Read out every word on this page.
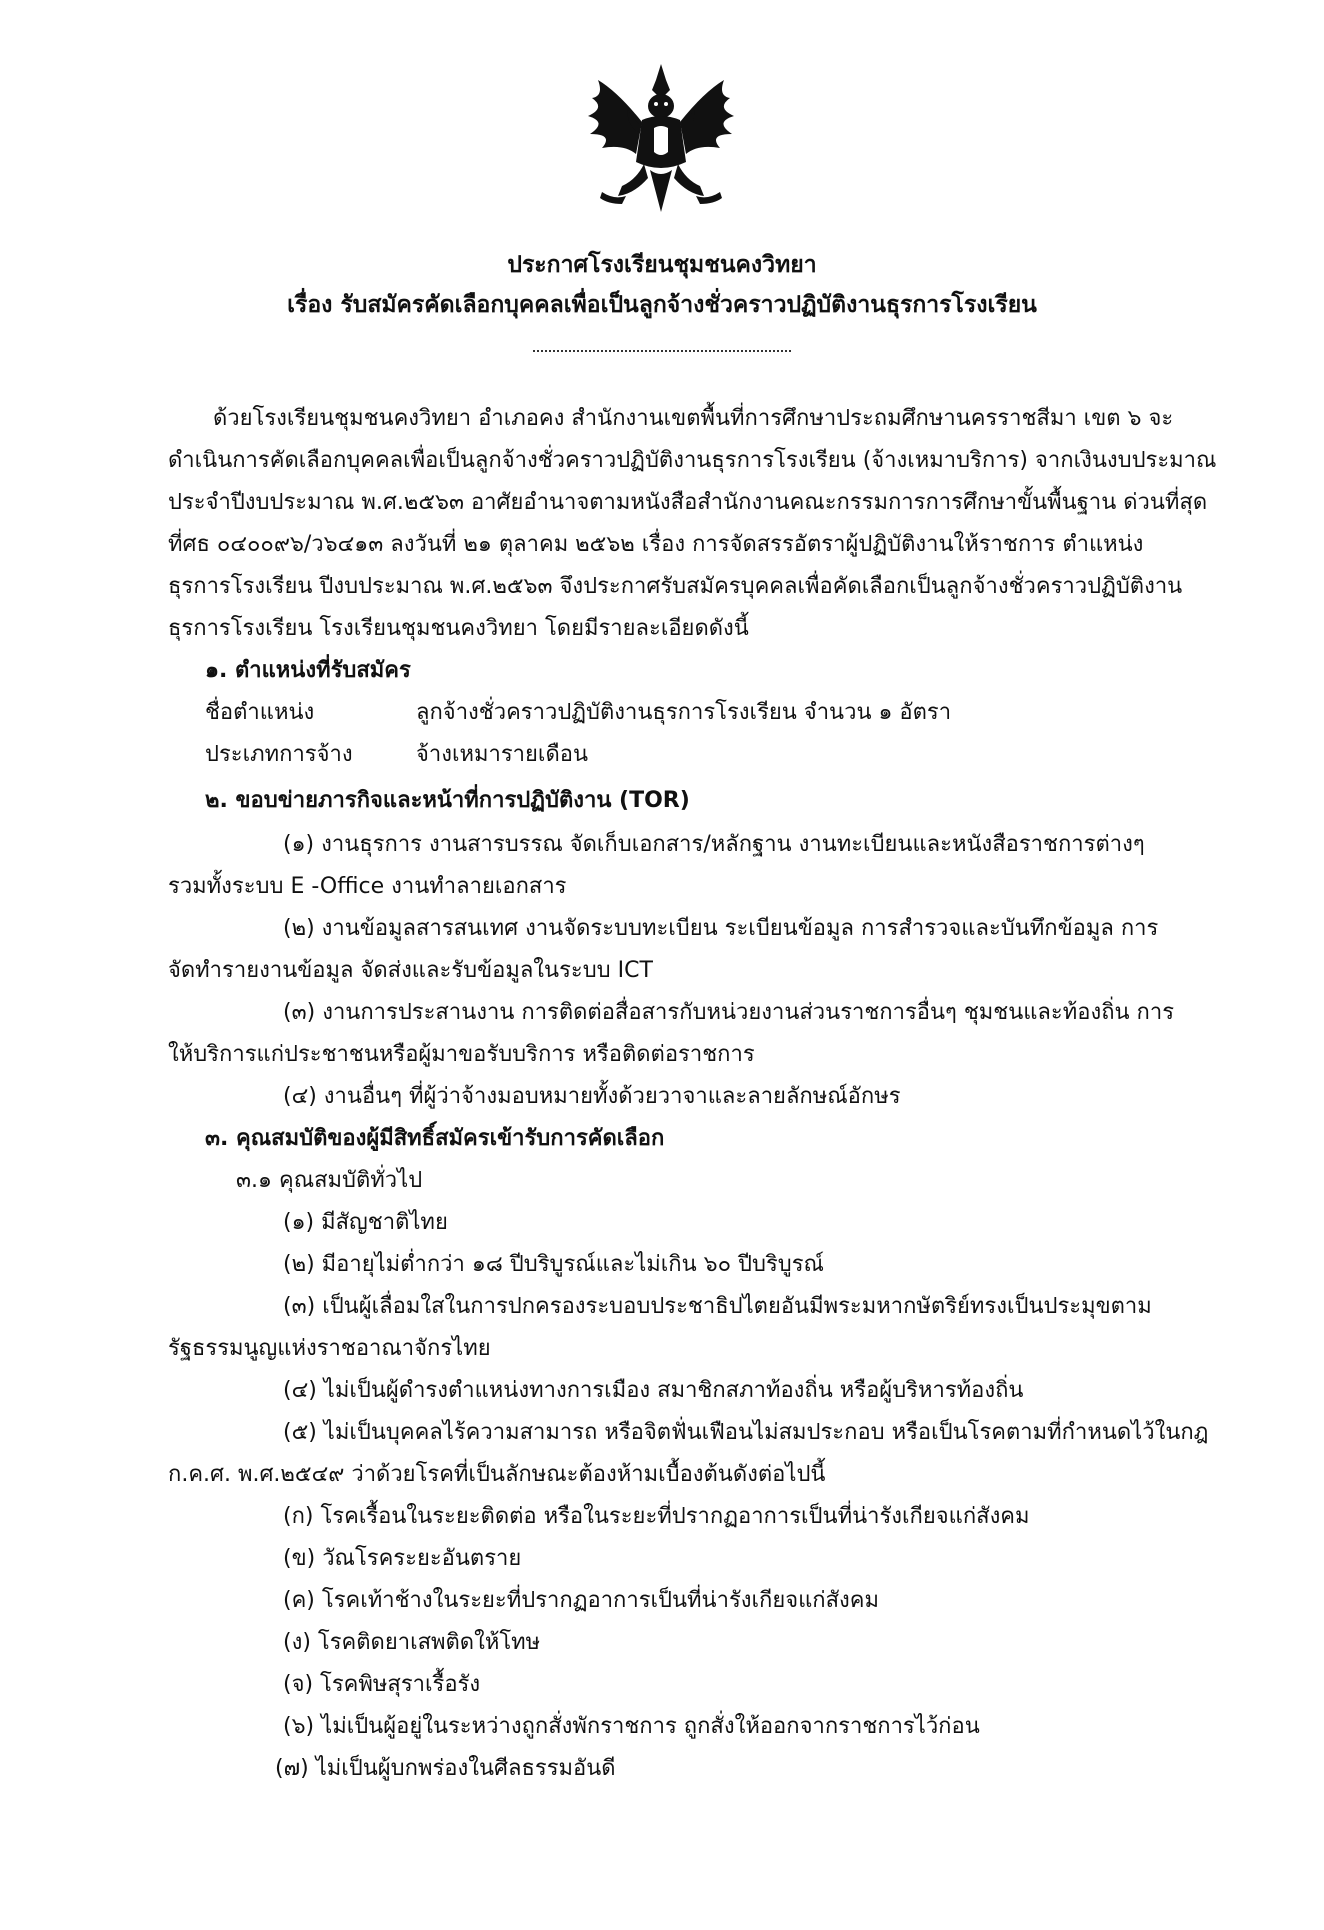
ประกาศโรงเรียนชุมชนคงวิทยา
เรื่อง รับสมัครคัดเลือกบุคคลเพื่อเป็นลูกจ้างชั่วคราวปฏิบัติงานธุรการโรงเรียน
ด้วยโรงเรียนชุมชนคงวิทยา อำเภอคง สำนักงานเขตพื้นที่การศึกษาประถมศึกษานครราชสีมา เขต ๖ จะ
ดำเนินการคัดเลือกบุคคลเพื่อเป็นลูกจ้างชั่วคราวปฏิบัติงานธุรการโรงเรียน (จ้างเหมาบริการ) จากเงินงบประมาณ
ประจำปีงบประมาณ พ.ศ.๒๕๖๓ อาศัยอำนาจตามหนังสือสำนักงานคณะกรรมการการศึกษาขั้นพื้นฐาน ด่วนที่สุด
ที่ศธ ๐๔๐๐๙๖/ว๖๔๑๓ ลงวันที่ ๒๑ ตุลาคม ๒๕๖๒ เรื่อง การจัดสรรอัตราผู้ปฏิบัติงานให้ราชการ ตำแหน่ง
ธุรการโรงเรียน ปีงบประมาณ พ.ศ.๒๕๖๓ จึงประกาศรับสมัครบุคคลเพื่อคัดเลือกเป็นลูกจ้างชั่วคราวปฏิบัติงาน
ธุรการโรงเรียน โรงเรียนชุมชนคงวิทยา โดยมีรายละเอียดดังนี้
๑. ตำแหน่งที่รับสมัคร
ชื่อตำแหน่ง	ลูกจ้างชั่วคราวปฏิบัติงานธุรการโรงเรียน จำนวน ๑ อัตรา
ประเภทการจ้าง	จ้างเหมารายเดือน
๒. ขอบข่ายภารกิจและหน้าที่การปฏิบัติงาน (TOR)
(๑) งานธุรการ งานสารบรรณ จัดเก็บเอกสาร/หลักฐาน งานทะเบียนและหนังสือราชการต่างๆ
รวมทั้งระบบ E -Office งานทำลายเอกสาร
(๒) งานข้อมูลสารสนเทศ งานจัดระบบทะเบียน ระเบียนข้อมูล การสำรวจและบันทึกข้อมูล การ
จัดทำรายงานข้อมูล จัดส่งและรับข้อมูลในระบบ ICT
(๓) งานการประสานงาน การติดต่อสื่อสารกับหน่วยงานส่วนราชการอื่นๆ ชุมชนและท้องถิ่น การ
ให้บริการแก่ประชาชนหรือผู้มาขอรับบริการ หรือติดต่อราชการ
(๔) งานอื่นๆ ที่ผู้ว่าจ้างมอบหมายทั้งด้วยวาจาและลายลักษณ์อักษร
๓. คุณสมบัติของผู้มีสิทธิ์สมัครเข้ารับการคัดเลือก
๓.๑ คุณสมบัติทั่วไป
(๑) มีสัญชาติไทย
(๒) มีอายุไม่ต่ำกว่า ๑๘ ปีบริบูรณ์และไม่เกิน ๖๐ ปีบริบูรณ์
(๓) เป็นผู้เลื่อมใสในการปกครองระบอบประชาธิปไตยอันมีพระมหากษัตริย์ทรงเป็นประมุขตาม
รัฐธรรมนูญแห่งราชอาณาจักรไทย
(๔) ไม่เป็นผู้ดำรงตำแหน่งทางการเมือง สมาชิกสภาท้องถิ่น หรือผู้บริหารท้องถิ่น
(๕) ไม่เป็นบุคคลไร้ความสามารถ หรือจิตฟั่นเฟือนไม่สมประกอบ หรือเป็นโรคตามที่กำหนดไว้ในกฎ
ก.ค.ศ. พ.ศ.๒๕๔๙ ว่าด้วยโรคที่เป็นลักษณะต้องห้ามเบื้องต้นดังต่อไปนี้
(ก) โรคเรื้อนในระยะติดต่อ หรือในระยะที่ปรากฏอาการเป็นที่น่ารังเกียจแก่สังคม
(ข) วัณโรคระยะอันตราย
(ค) โรคเท้าช้างในระยะที่ปรากฏอาการเป็นที่น่ารังเกียจแก่สังคม
(ง) โรคติดยาเสพติดให้โทษ
(จ) โรคพิษสุราเรื้อรัง
(๖) ไม่เป็นผู้อยู่ในระหว่างถูกสั่งพักราชการ ถูกสั่งให้ออกจากราชการไว้ก่อน
(๗) ไม่เป็นผู้บกพร่องในศีลธรรมอันดี
